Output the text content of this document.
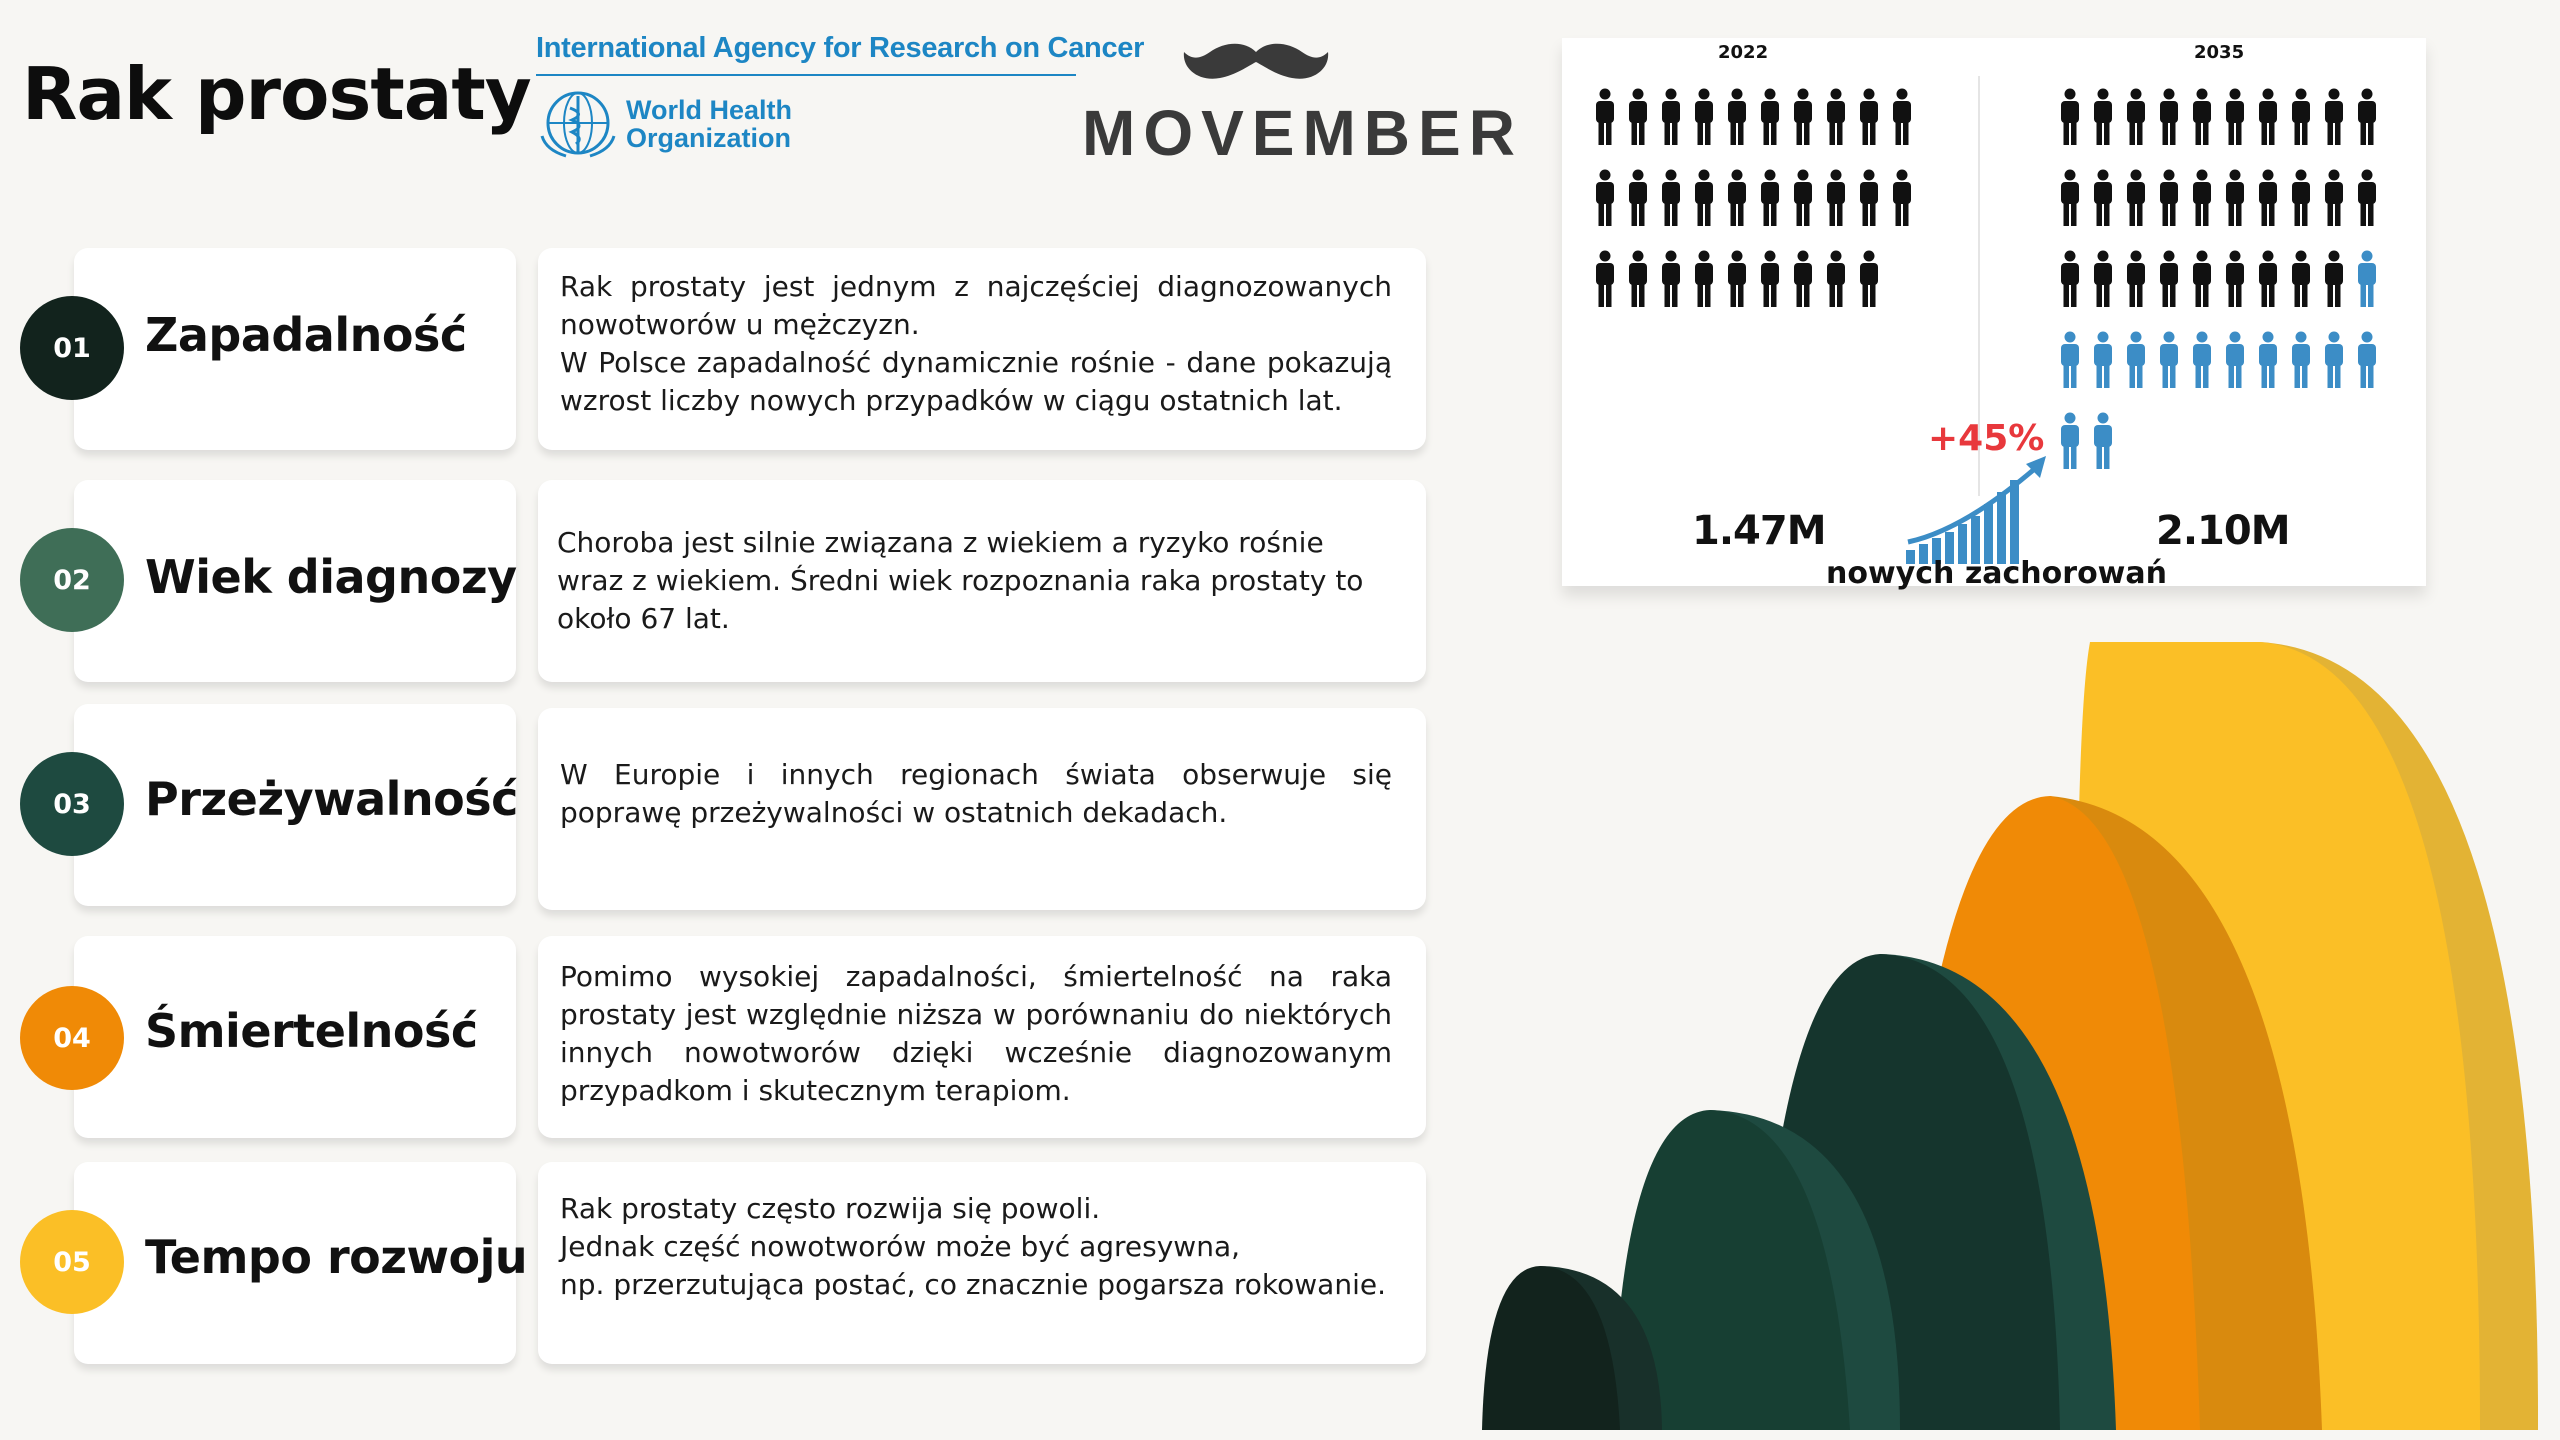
Rak prostaty
International Agency for Research on Cancer
World Health
Organization	MOVEMBER
01	Zapadalność
Rak prostaty jest jednym z najczęściej diagnozowanych nowotworów u mężczyzn.
W Polsce zapadalność dynamicznie rośnie - dane pokazują wzrost liczby nowych przypadków w ciągu ostatnich lat.
02	Wiek diagnozy
Choroba jest silnie związana z wiekiem a ryzyko rośnie wraz z wiekiem. Średni wiek rozpoznania raka prostaty to około 67 lat.
03	Przeżywalność W Europie i innych regionach świata obserwuje się poprawę przeżywalności w ostatnich dekadach.
04	Śmiertelność
Pomimo wysokiej zapadalności, śmiertelność na raka prostaty jest względnie niższa w porównaniu do niektórych innych nowotworów dzięki wcześnie diagnozowanym przypadkom i skutecznym terapiom.
05	Tempo rozwoju
Rak prostaty często rozwija się powoli.
Jednak część nowotworów może być agresywna,
np. przerzutująca postać, co znacznie pogarsza rokowanie.
2022	2035
+45%
1.47M	2.10M
nowych zachorowań
